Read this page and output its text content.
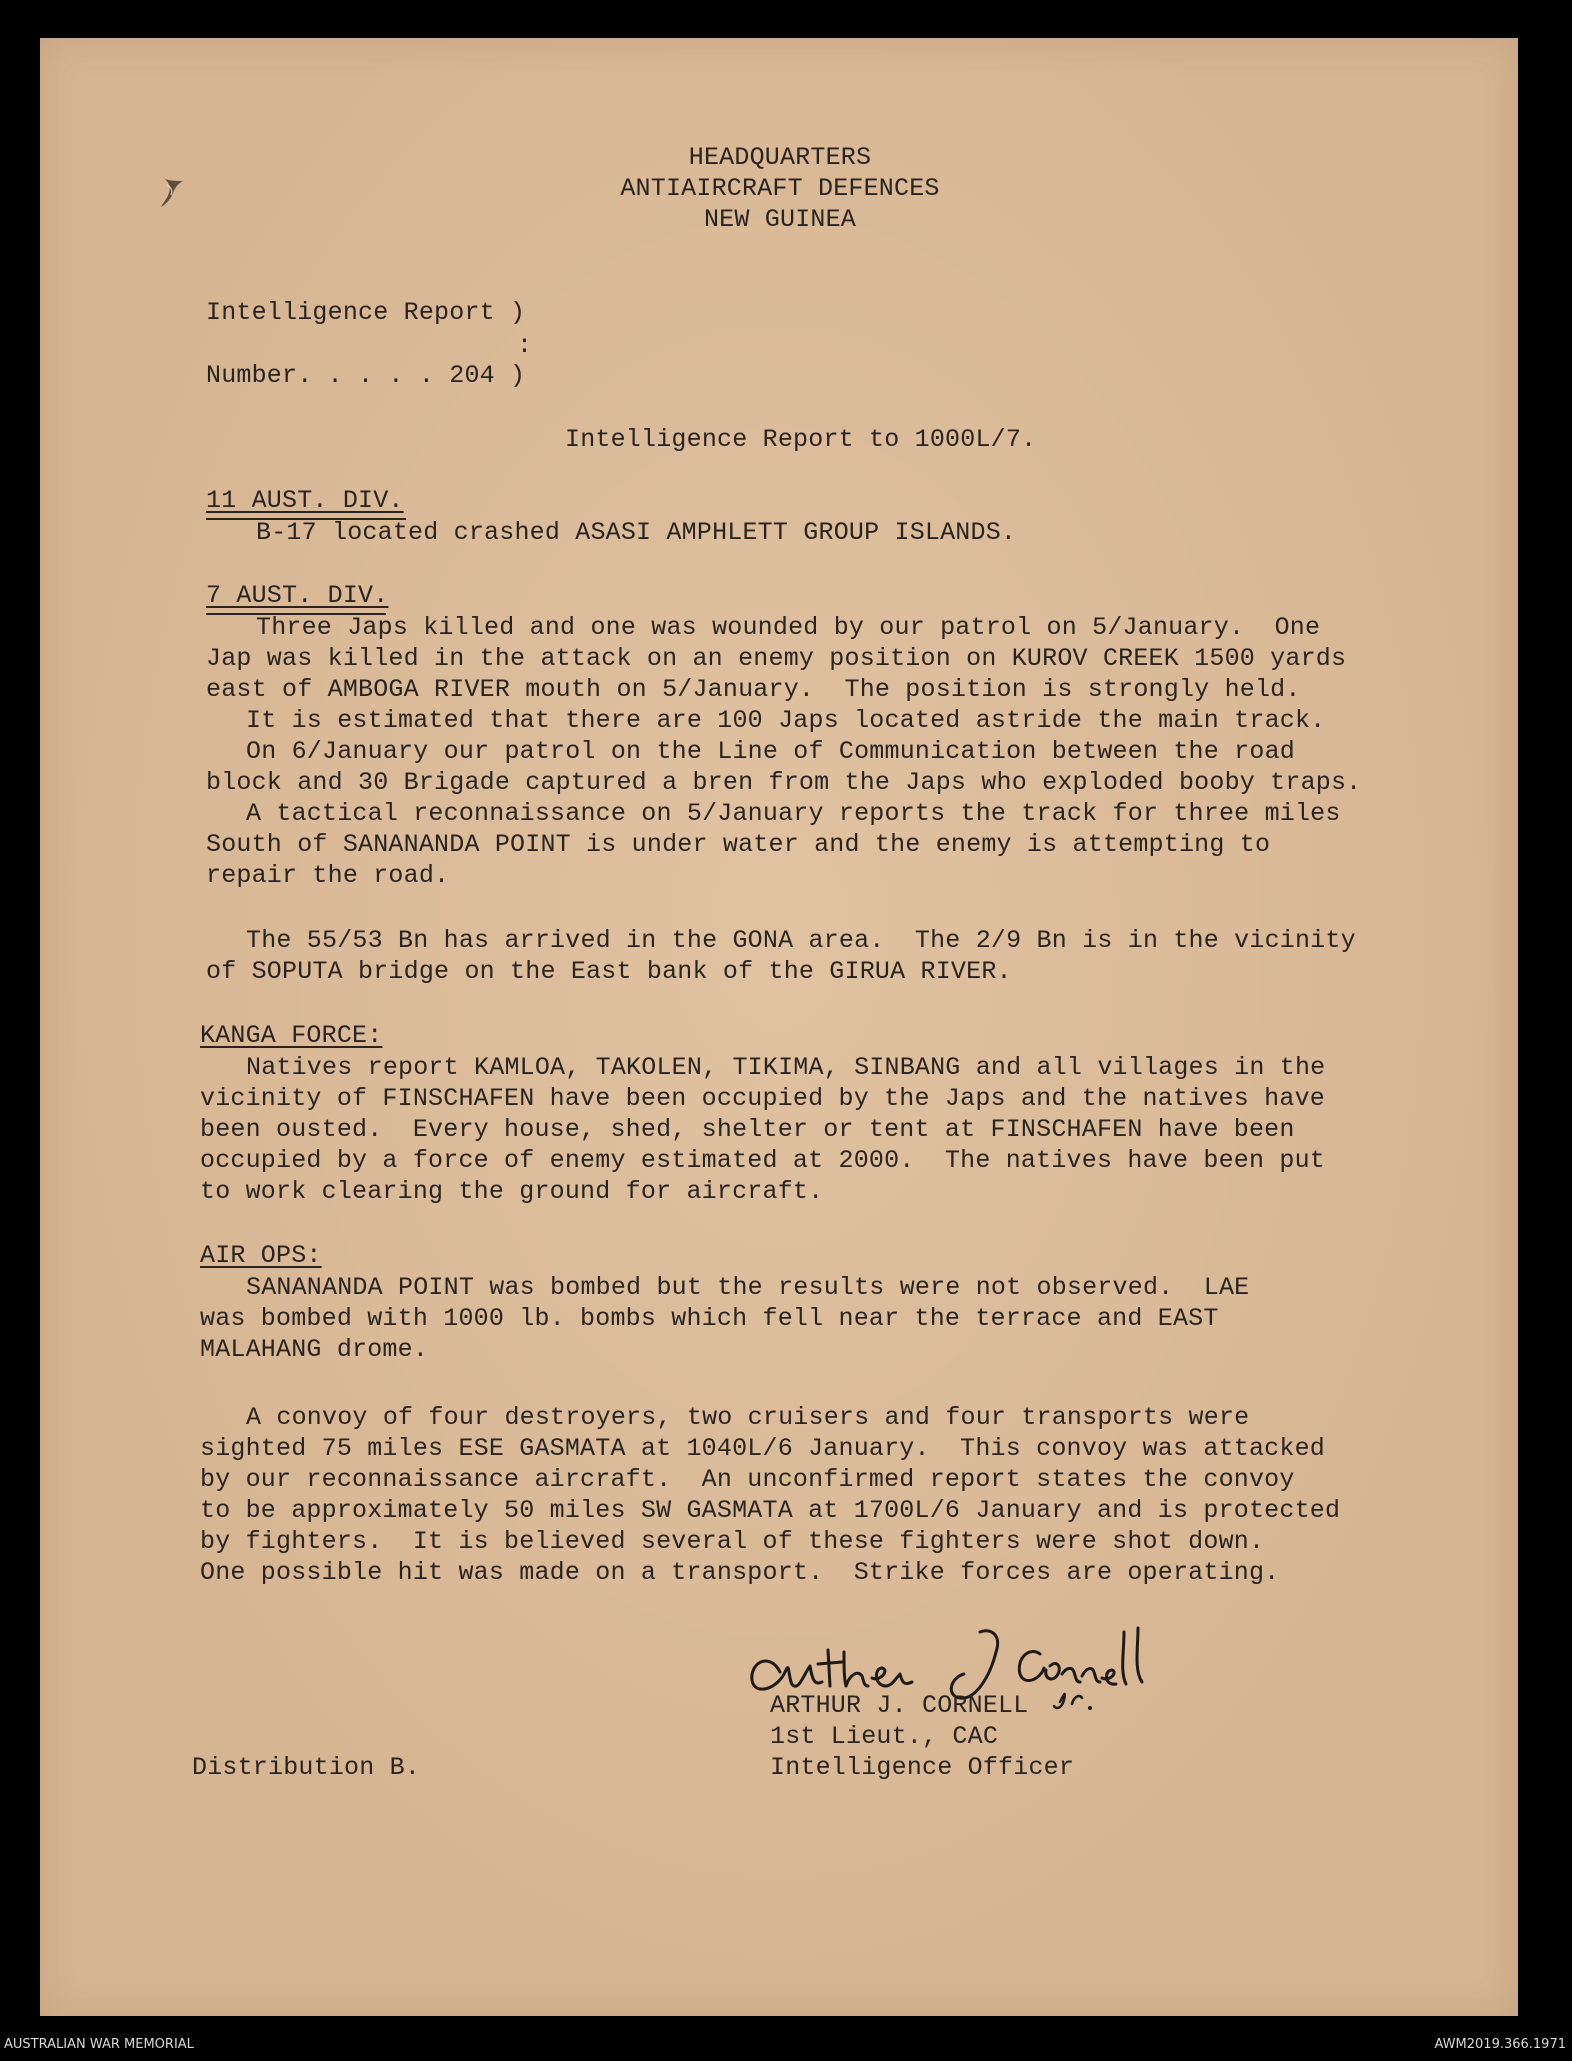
HEADQUARTERS
ANTIAIRCRAFT DEFENCES
NEW GUINEA
Intelligence Report )
:
Number. . . . . 204 )
Intelligence Report to 1000L/7.
11 AUST. DIV.
B-17 located crashed ASASI AMPHLETT GROUP ISLANDS.
7 AUST. DIV.
Three Japs killed and one was wounded by our patrol on 5/January.  One
Jap was killed in the attack on an enemy position on KUROV CREEK 1500 yards
east of AMBOGA RIVER mouth on 5/January.  The position is strongly held.
It is estimated that there are 100 Japs located astride the main track.
On 6/January our patrol on the Line of Communication between the road
block and 30 Brigade captured a bren from the Japs who exploded booby traps.
A tactical reconnaissance on 5/January reports the track for three miles
South of SANANANDA POINT is under water and the enemy is attempting to
repair the road.
The 55/53 Bn has arrived in the GONA area.  The 2/9 Bn is in the vicinity
of SOPUTA bridge on the East bank of the GIRUA RIVER.
KANGA FORCE:
Natives report KAMLOA, TAKOLEN, TIKIMA, SINBANG and all villages in the
vicinity of FINSCHAFEN have been occupied by the Japs and the natives have
been ousted.  Every house, shed, shelter or tent at FINSCHAFEN have been
occupied by a force of enemy estimated at 2000.  The natives have been put
to work clearing the ground for aircraft.
AIR OPS:
SANANANDA POINT was bombed but the results were not observed.  LAE
was bombed with 1000 lb. bombs which fell near the terrace and EAST
MALAHANG drome.
A convoy of four destroyers, two cruisers and four transports were
sighted 75 miles ESE GASMATA at 1040L/6 January.  This convoy was attacked
by our reconnaissance aircraft.  An unconfirmed report states the convoy
to be approximately 50 miles SW GASMATA at 1700L/6 January and is protected
by fighters.  It is believed several of these fighters were shot down.
One possible hit was made on a transport.  Strike forces are operating.
ARTHUR J. CORNELL
1st Lieut., CAC
Intelligence Officer
Distribution B.
AUSTRALIAN WAR MEMORIAL	AWM2019.366.1971
